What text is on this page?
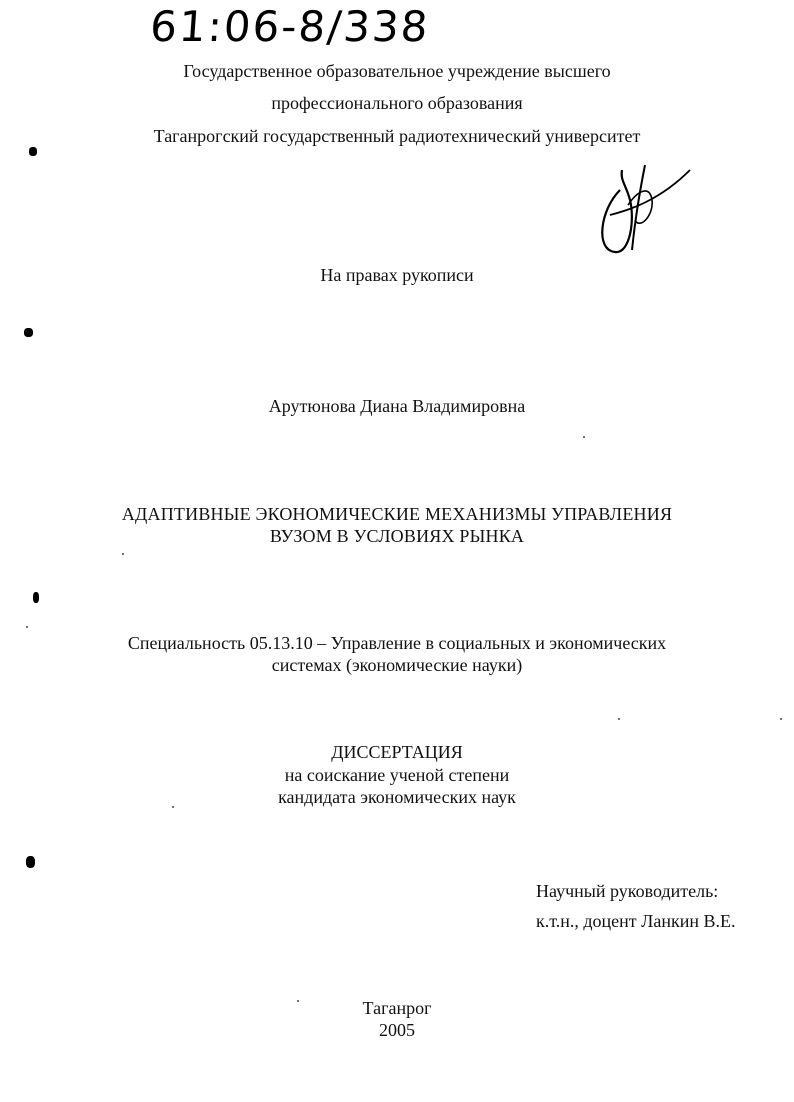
61:06-8/338
Государственное образовательное учреждение высшего
профессионального образования
Таганрогский государственный радиотехнический университет
На правах рукописи
Арутюнова Диана Владимировна
АДАПТИВНЫЕ ЭКОНОМИЧЕСКИЕ МЕХАНИЗМЫ УПРАВЛЕНИЯ
ВУЗОМ В УСЛОВИЯХ РЫНКА
Специальность 05.13.10 – Управление в социальных и экономических
системах (экономические науки)
ДИССЕРТАЦИЯ
на соискание ученой степени
кандидата экономических наук
Научный руководитель:
к.т.н., доцент Ланкин В.Е.
Таганрог
2005
